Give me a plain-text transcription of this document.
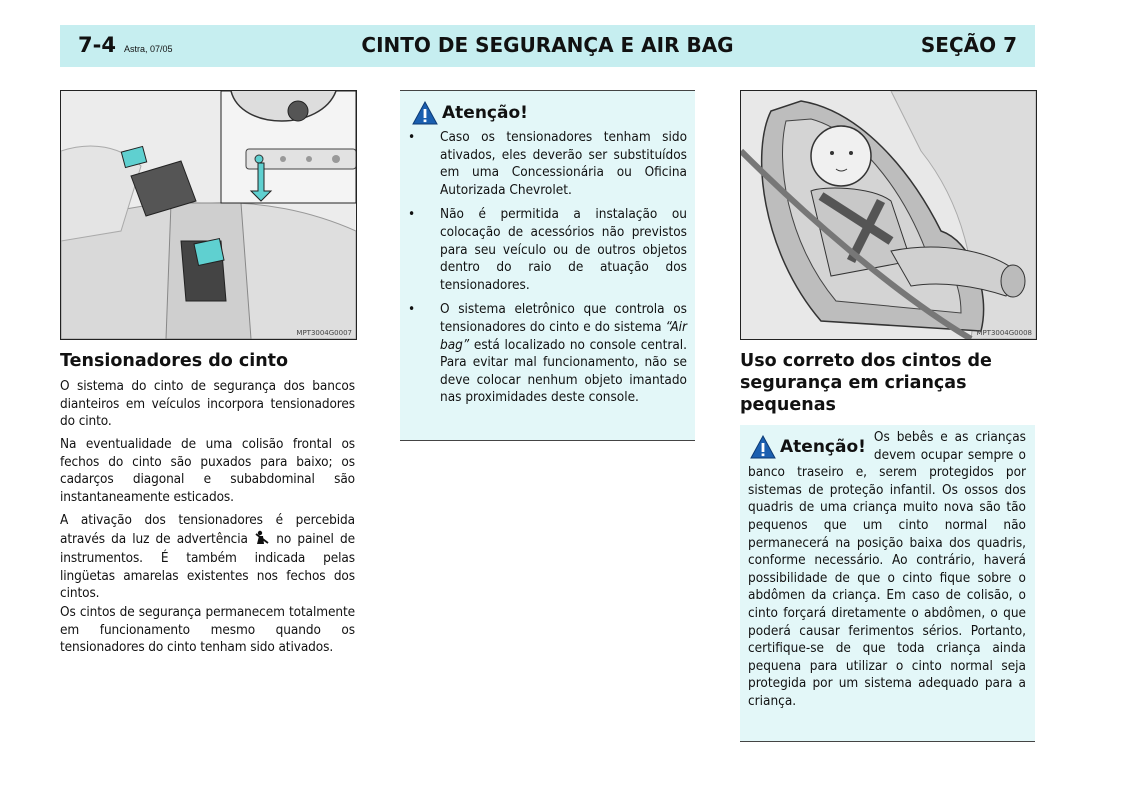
7-4 Astra, 07/05	CINTO DE SEGURANÇA E AIR BAG	SEÇÃO 7
MPT3004G0007
Tensionadores do cinto

O sistema do cinto de segurança dos bancos dianteiros em veículos incorpora tensionadores do cinto.

Na eventualidade de uma colisão frontal os fechos do cinto são puxados para baixo; os cadarços diagonal e subabdominal são instantaneamente esticados.

A ativação dos tensionadores é percebida através da luz de advertência no painel de instrumentos. É também indicada pelas lingüetas amarelas existentes nos fechos dos cintos.

Os cintos de segurança permanecem totalmente em funcionamento mesmo quando os tensionadores do cinto tenham sido ativados.

Atenção!
• Caso os tensionadores tenham sido ativados, eles deverão ser substituídos em uma Concessionária ou Oficina Autorizada Chevrolet.
• Não é permitida a instalação ou colocação de acessórios não previstos para seu veículo ou de outros objetos dentro do raio de atuação dos tensionadores.
• O sistema eletrônico que controla os tensionadores do cinto e do sistema “Air bag” está localizado no console central. Para evitar mal funcionamento, não se deve colocar nenhum objeto imantado nas proximidades deste console.
MPT3004G0008
Uso correto dos cintos de segurança em crianças pequenas
Atenção! Os bebês e as crianças devem ocupar sempre o banco traseiro e, serem protegidos por sistemas de proteção infantil. Os ossos dos quadris de uma criança muito nova são tão pequenos que um cinto normal não permanecerá na posição baixa dos quadris, conforme necessário. Ao contrário, haverá possibilidade de que o cinto fique sobre o abdômen da criança. Em caso de colisão, o cinto forçará diretamente o abdômen, o que poderá causar ferimentos sérios. Portanto, certifique-se de que toda criança ainda pequena para utilizar o cinto normal seja protegida por um sistema adequado para a criança.
